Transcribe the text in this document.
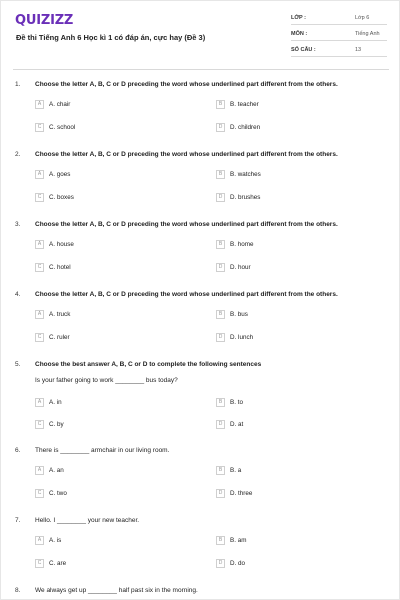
QUIZIZZ
Đề thi Tiếng Anh 6 Học kì 1 có đáp án, cực hay (Đề 3)
LỚP :	Lớp 6
MÔN :	Tiếng Anh
SỐ CÂU :	13
1. Choose the letter A, B, C or D preceding the word whose underlined part different from the others.
A	A. chair	B	B. teacher
C	C. school	D	D. children
2. Choose the letter A, B, C or D preceding the word whose underlined part different from the others.
A	A. goes	B	B. watches
C	C. boxes	D	D. brushes
3. Choose the letter A, B, C or D preceding the word whose underlined part different from the others.
A	A. house	B	B. home
C	C. hotel	D	D. hour
4. Choose the letter A, B, C or D preceding the word whose underlined part different from the others.
A	A. truck	B	B. bus
C	C. ruler	D	D. lunch
5. Choose the best answer A, B, C or D to complete the following sentences
Is your father going to work ________ bus today?
A	A. in	B	B. to
C	C. by	D	D. at
6. There is ________ armchair in our living room.
A	A. an	B	B. a
C	C. two	D	D. three
7. Hello. I ________ your new teacher.
A	A. is	B	B. am
C	C. are	D	D. do
8. We always get up ________ half past six in the morning.
